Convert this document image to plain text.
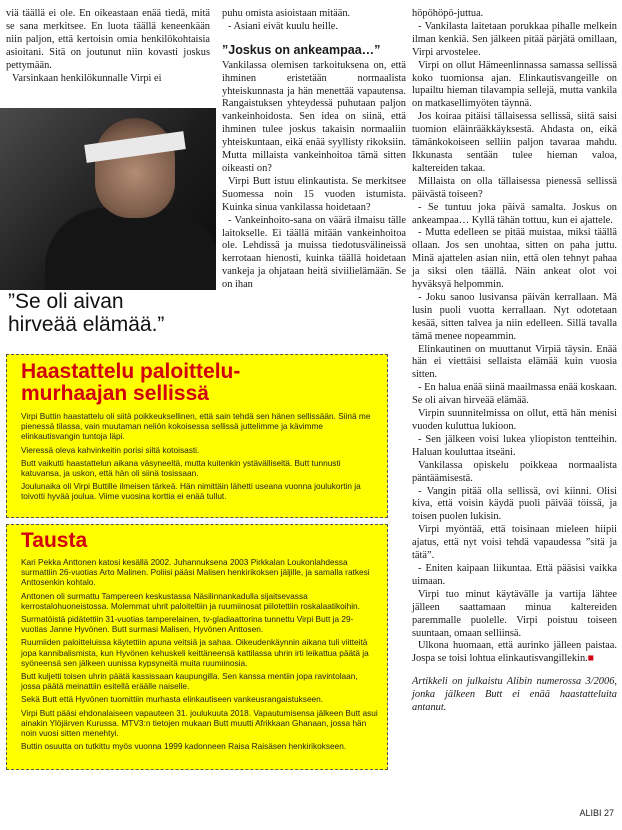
viä täällä ei ole. En oikeastaan enää tiedä, mitä se sana merkitsee. En luota täällä keneenkään niin paljon, että kertoisin omia henkilökohtaisia asioitani. Sitä on joutunut niin kovasti joskus pettymään.

Varsinkaan henkilökunnalle Virpi ei

”Se oli aivan
hirveää elämää.”

puhu omista asioistaan mitään.

- Asiani eivät kuulu heille.

”Joskus on ankeampaa…”

Vankilassa olemisen tarkoituksena on, että ihminen eristetään normaalista yhteiskunnasta ja hän menettää vapautensa. Rangaistuksen yhteydessä puhutaan paljon vankeinhoidosta. Sen idea on siinä, että ihminen tulee joskus takaisin normaaliin yhteiskuntaan, eikä enää syyllisty rikoksiin. Mutta millaista vankeinhoitoa tämä sitten oikeasti on?

Virpi Butt istuu elinkautista. Se merkitsee Suomessa noin 15 vuoden istumista. Kuinka sinua vankilassa hoidetaan?

- Vankeinhoito-sana on väärä ilmaisu tälle laitokselle. Ei täällä mitään vankeinhoitoa ole. Lehdissä ja muissa tiedotusvälineissä kerrotaan hienosti, kuinka täällä hoidetaan vankeja ja ohjataan heitä siviilielämään. Se on ihan

höpöhöpö-juttua.

- Vankilasta laitetaan porukkaa pihalle melkein ilman kenkiä. Sen jälkeen pitää pärjätä omillaan, Virpi arvostelee.

Virpi on ollut Hämeenlinnassa samassa sellissä koko tuomionsa ajan. Elinkautisvangeille on lupailtu hieman tilavampia sellejä, mutta vankila on matkasellimyöten täynnä.

Jos koiraa pitäisi tällaisessa sellissä, siitä saisi tuomion eläinrääkkäyksestä. Ahdasta on, eikä tämänkokoiseen selliin paljon tavaraa mahdu. Ikkunasta sentään tulee hieman valoa, kaltereiden takaa.

Millaista on olla tällaisessa pienessä sellissä päivästä toiseen?

- Se tuntuu joka päivä samalta. Joskus on ankeampaa… Kyllä tähän tottuu, kun ei ajattele.

- Mutta edelleen se pitää muistaa, miksi täällä ollaan. Jos sen unohtaa, sitten on paha juttu. Minä ajattelen asian niin, että olen tehnyt pahaa ja siksi olen täällä. Näin ankeat olot voi hyväksyä helpommin.

- Joku sanoo lusivansa päivän kerrallaan. Mä lusin puoli vuotta kerrallaan. Nyt odotetaan kesää, sitten talvea ja niin edelleen. Sillä tavalla tämä menee nopeammin.

Elinkautinen on muuttanut Virpiä täysin. Enää hän ei viettäisi sellaista elämää kuin vuosia sitten.

- En halua enää siinä maailmassa enää koskaan. Se oli aivan hirveää elämää.

Virpin suunnitelmissa on ollut, että hän menisi vuoden kuluttua lukioon.

- Sen jälkeen voisi lukea yliopiston tentteihin. Haluan kouluttaa itseäni.

Vankilassa opiskelu poikkeaa normaalista päntäämisestä.

- Vangin pitää olla sellissä, ovi kiinni. Olisi kiva, että voisin käydä puoli päivää töissä, ja toisen puolen lukisin.

Virpi myöntää, että toisinaan mieleen hiipii ajatus, että nyt voisi tehdä vapaudessa ”sitä ja tätä”.

- Eniten kaipaan liikuntaa. Että pääsisi vaikka uimaan.

Virpi tuo minut käytävälle ja vartija lähtee jälleen saattamaan minua kaltereiden paremmalle puolelle. Virpi poistuu toiseen suuntaan, omaan selliinsä.

Ulkona huomaan, että aurinko jälleen paistaa. Jospa se toisi lohtua elinkautisvangillekin.■

Artikkeli on julkaistu Alibin numerossa 3/2006, jonka jälkeen Butt ei enää haastatteluita antanut.

Haastattelu paloittelu-
murhaajan sellissä

Virpi Buttin haastattelu oli siitä poikkeuksellinen, että sain tehdä sen hänen sellissään. Siinä me pienessä tilassa, vain muutaman neliön kokoisessa sellissä juttelimme ja kävimme elinkautisvangin tuntoja läpi.

Vieressä oleva kahvinkeitin porisi siltä kotoisasti.

Butt vaikutti haastattelun aikana väsyneeltä, mutta kuitenkin ystävälliseltä. Butt tunnusti katuvansa, ja uskon, että hän oli siinä tosissaan.

Joulunaika oli Virpi Buttille ilmeisen tärkeä. Hän nimittäin lähetti useana vuonna joulukortin ja toivotti hyvää joulua. Viime vuosina korttia ei enää tullut.

Tausta

Kari Pekka Anttonen katosi kesällä 2002. Juhannuksena 2003 Pirkkalan Loukonlahdessa surmattiin 26-vuotias Arto Malinen. Poliisi pääsi Malisen henkirikoksen jäljille, ja samalla ratkesi Anttosenkin kohtalo.

Anttonen oli surmattu Tampereen keskustassa Näsilinnankadulla sijaitsevassa kerrostalohuoneistossa. Molemmat uhrit paloiteltiin ja ruumiinosat piilotettiin roskalaatikoihin.

Surmatöistä pidätettiin 31-vuotias tamperelainen, tv-gladiaattorina tunnettu Virpi Butt ja 29-vuotias Janne Hyvönen. Butt surmasi Malisen, Hyvönen Anttosen.

Ruumiiden paloitteluissa käytettiin apuna veitsiä ja sahaa. Oikeudenkäynnin aikana tuli viitteitä jopa kannibalismista, kun Hyvönen kehuskeli keittäneensä kattilassa uhrin irti leikattua päätä ja syöneensä sen jälkeen uunissa kypsyneitä muita ruumiinosia.

Butt kuljetti toisen uhrin päätä kassissaan kaupungilla. Sen kanssa mentiin jopa ravintolaan, jossa päätä meinattiin esitellä eräälle naiselle.

Sekä Butt että Hyvönen tuomittiin murhasta elinkautiseen vankeusrangaistukseen.

Virpi Butt pääsi ehdonalaiseen vapauteen 31. joulukuuta 2018. Vapautumisensa jälkeen Butt asui ainakin Ylöjärven Kurussa. MTV3:n tietojen mukaan Butt muutti Afrikkaan Ghanaan, jossa hän noin vuosi sitten menehtyi.

Buttin osuutta on tutkittu myös vuonna 1999 kadonneen Raisa Raisäsen henkirikokseen.

ALIBI 27
